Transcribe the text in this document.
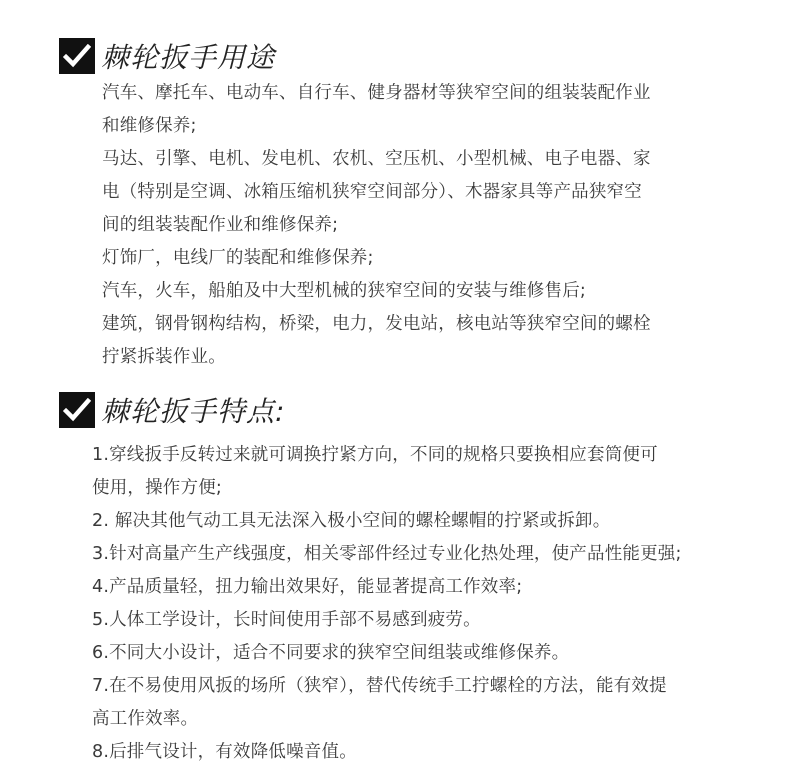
棘轮扳手用途
汽车、摩托车、电动车、自行车、健身器材等狭窄空间的组装装配作业
和维修保养;
马达、引擎、电机、发电机、农机、空压机、小型机械、电子电器、家
电（特别是空调、冰箱压缩机狭窄空间部分）、木器家具等产品狭窄空
间的组装装配作业和维修保养;
灯饰厂，电线厂的装配和维修保养;
汽车，火车，船舶及中大型机械的狭窄空间的安装与维修售后;
建筑，钢骨钢构结构，桥梁，电力，发电站，核电站等狭窄空间的螺栓
拧紧拆装作业。
棘轮扳手特点:
1.穿线扳手反转过来就可调换拧紧方向，不同的规格只要换相应套筒便可
使用，操作方便;
2. 解决其他气动工具无法深入极小空间的螺栓螺帽的拧紧或拆卸。
3.针对高量产生产线强度，相关零部件经过专业化热处理，使产品性能更强;
4.产品质量轻，扭力输出效果好，能显著提高工作效率;
5.人体工学设计，长时间使用手部不易感到疲劳。
6.不同大小设计，适合不同要求的狭窄空间组装或维修保养。
7.在不易使用风扳的场所（狭窄），替代传统手工拧螺栓的方法，能有效提
高工作效率。
8.后排气设计，有效降低噪音值。
